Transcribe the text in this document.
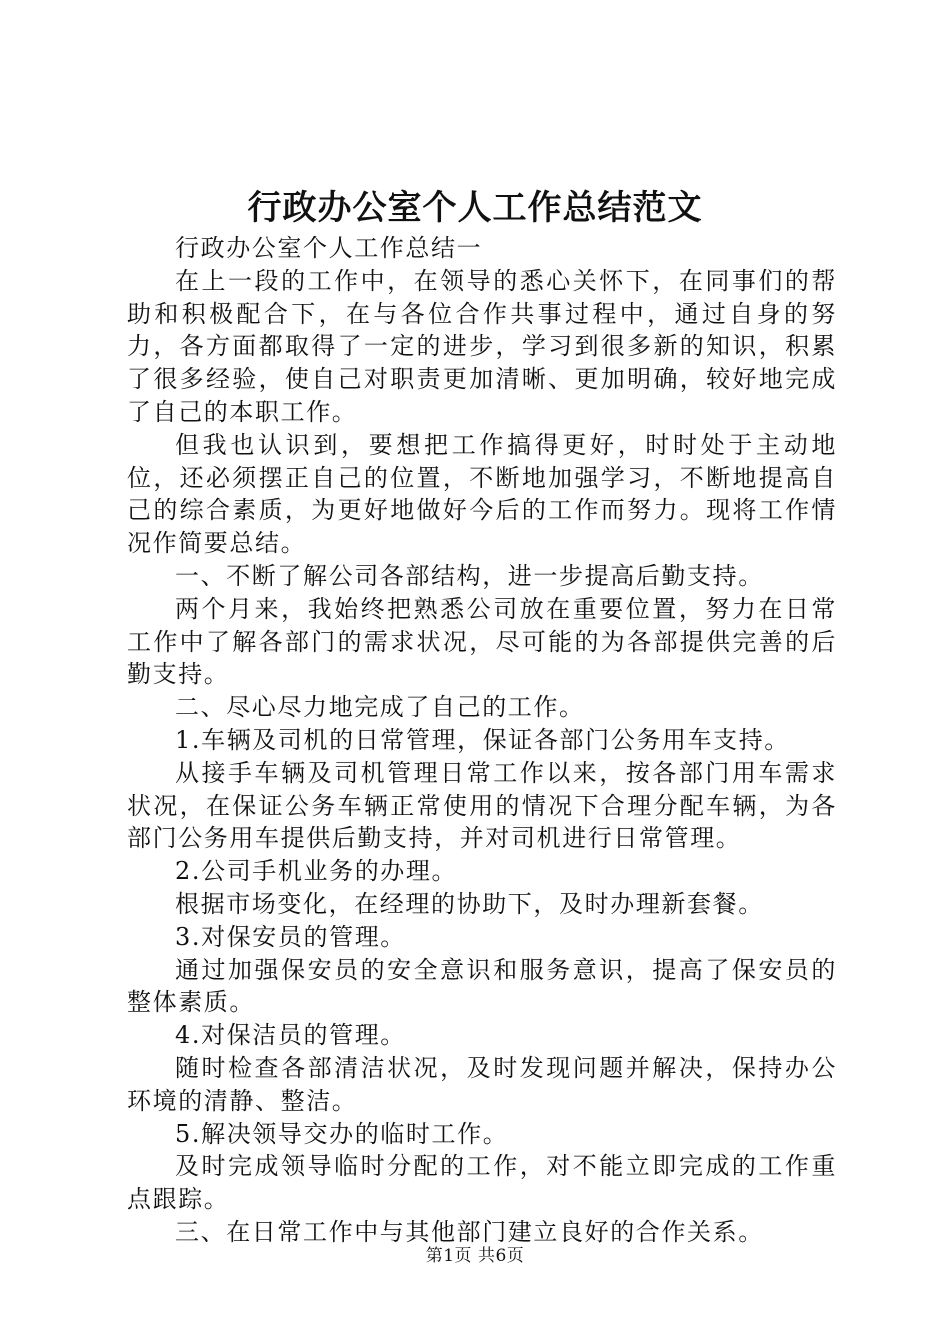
行政办公室个人工作总结范文

行政办公室个人工作总结一

在上一段的工作中，在领导的悉心关怀下，在同事们的帮助和积极配合下，在与各位合作共事过程中，通过自身的努力，各方面都取得了一定的进步，学习到很多新的知识，积累了很多经验，使自己对职责更加清晰、更加明确，较好地完成了自己的本职工作。

但我也认识到，要想把工作搞得更好，时时处于主动地位，还必须摆正自己的位置，不断地加强学习，不断地提高自己的综合素质，为更好地做好今后的工作而努力。现将工作情况作简要总结。

一、不断了解公司各部结构，进一步提高后勤支持。

两个月来，我始终把熟悉公司放在重要位置，努力在日常工作中了解各部门的需求状况，尽可能的为各部提供完善的后勤支持。

二、尽心尽力地完成了自己的工作。

1.车辆及司机的日常管理，保证各部门公务用车支持。

从接手车辆及司机管理日常工作以来，按各部门用车需求状况，在保证公务车辆正常使用的情况下合理分配车辆，为各部门公务用车提供后勤支持，并对司机进行日常管理。

2.公司手机业务的办理。

根据市场变化，在经理的协助下，及时办理新套餐。

3.对保安员的管理。

通过加强保安员的安全意识和服务意识，提高了保安员的整体素质。

4.对保洁员的管理。

随时检查各部清洁状况，及时发现问题并解决，保持办公环境的清静、整洁。

5.解决领导交办的临时工作。

及时完成领导临时分配的工作，对不能立即完成的工作重点跟踪。

三、在日常工作中与其他部门建立良好的合作关系。

第1页 共6页
